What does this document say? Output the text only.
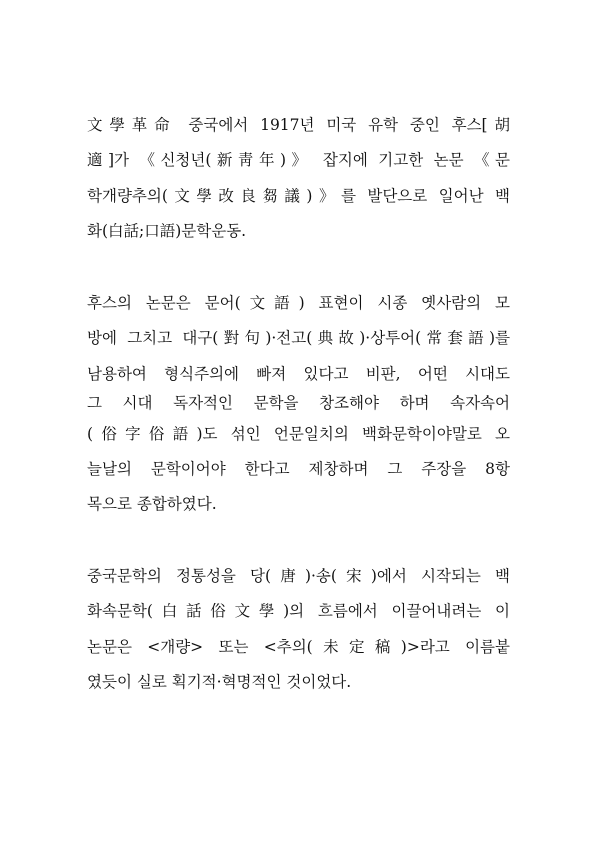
文學革命 중국에서 1917년 미국 유학 중인 후스[胡
適]가 《신청년(新靑年)》 잡지에 기고한 논문 《문
학개량추의(文學改良芻議)》를 발단으로 일어난 백
화(白話;口語)문학운동.
후스의 논문은 문어(文語) 표현이 시종 옛사람의 모
방에 그치고 대구(對句)·전고(典故)·상투어(常套語)를
남용하여 형식주의에 빠져 있다고 비판, 어떤 시대도
그 시대 독자적인 문학을 창조해야 하며 속자속어
(俗字俗語)도 섞인 언문일치의 백화문학이야말로 오
늘날의 문학이어야 한다고 제창하며 그 주장을 8항
목으로 종합하였다.
중국문학의 정통성을 당(唐)·송(宋)에서 시작되는 백
화속문학(白話俗文學)의 흐름에서 이끌어내려는 이
논문은 <개량> 또는 <추의(未定稿)>라고 이름붙
였듯이 실로 획기적·혁명적인 것이었다.
